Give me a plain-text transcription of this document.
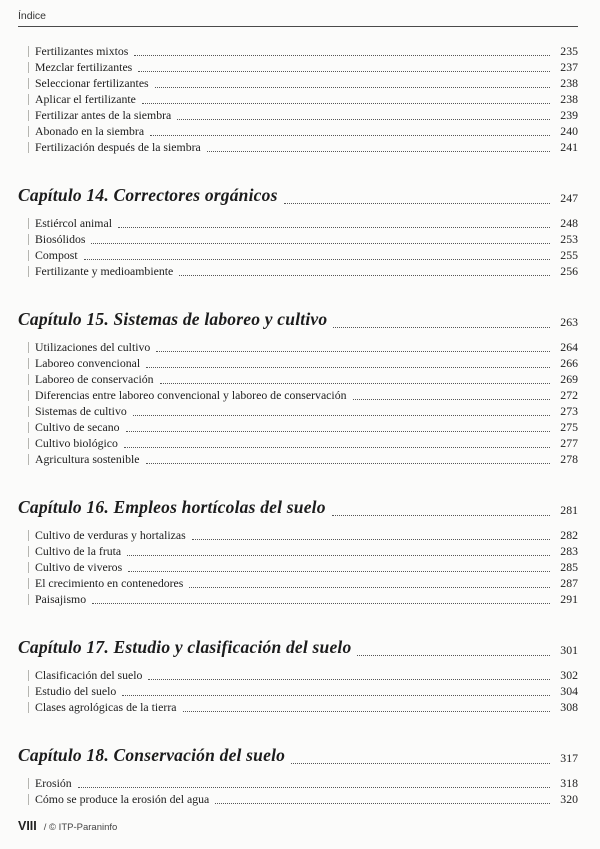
Índice
Fertilizantes mixtos	235
Mezclar fertilizantes	237
Seleccionar fertilizantes	238
Aplicar el fertilizante	238
Fertilizar antes de la siembra	239
Abonado en la siembra	240
Fertilización después de la siembra	241
Capítulo 14. Correctores orgánicos	247
Estiércol animal	248
Biosólidos	253
Compost	255
Fertilizante y medioambiente	256
Capítulo 15. Sistemas de laboreo y cultivo	263
Utilizaciones del cultivo	264
Laboreo convencional	266
Laboreo de conservación	269
Diferencias entre laboreo convencional y laboreo de conservación	272
Sistemas de cultivo	273
Cultivo de secano	275
Cultivo biológico	277
Agricultura sostenible	278
Capítulo 16. Empleos hortícolas del suelo	281
Cultivo de verduras y hortalizas	282
Cultivo de la fruta	283
Cultivo de viveros	285
El crecimiento en contenedores	287
Paisajismo	291
Capítulo 17. Estudio y clasificación del suelo	301
Clasificación del suelo	302
Estudio del suelo	304
Clases agrológicas de la tierra	308
Capítulo 18. Conservación del suelo	317
Erosión	318
Cómo se produce la erosión del agua	320
VIII / © ITP-Paraninfo
